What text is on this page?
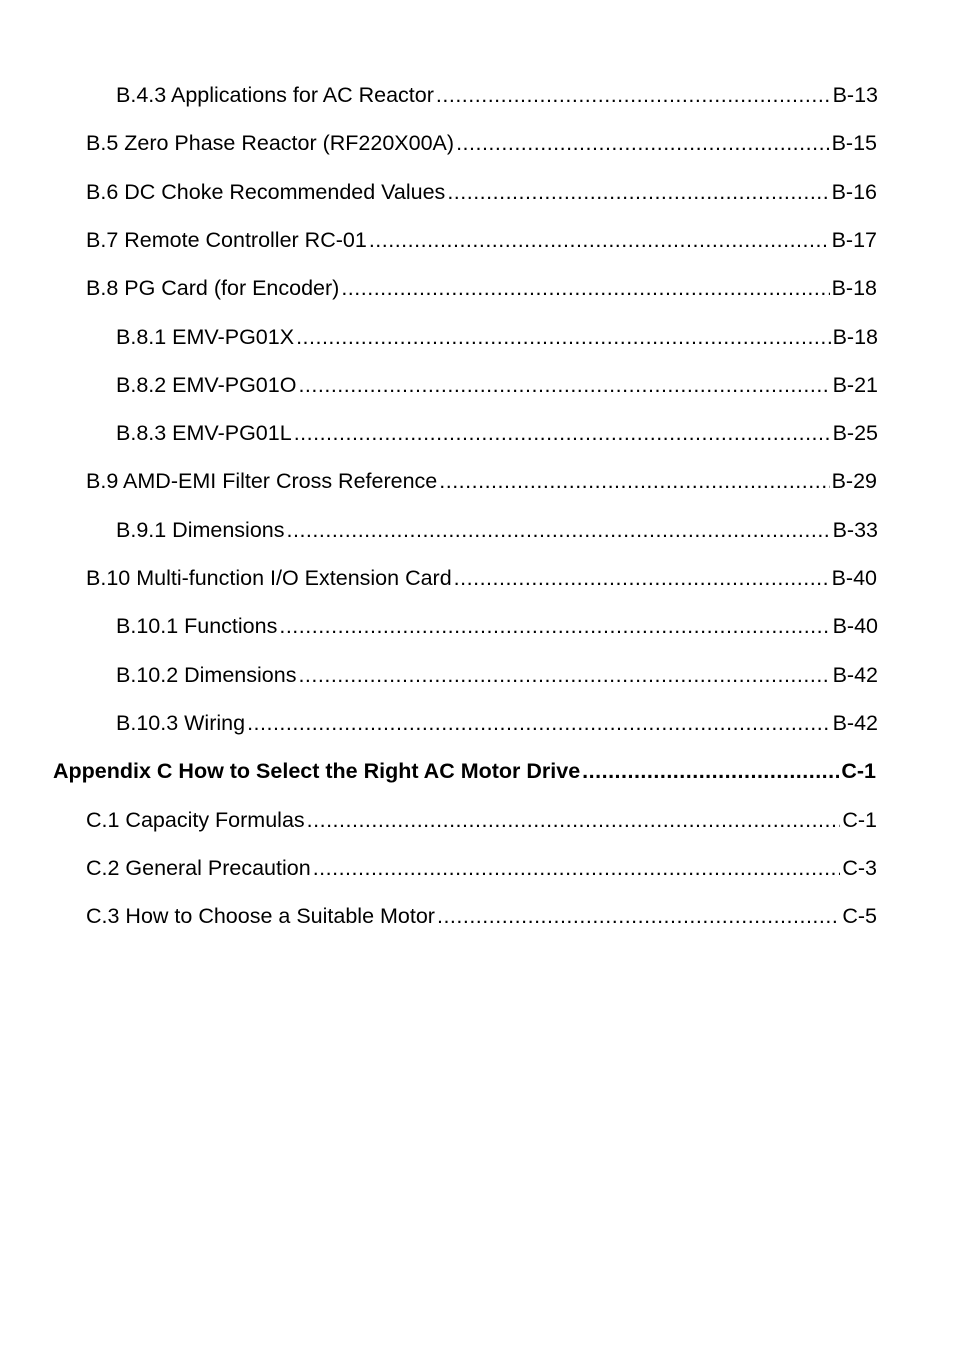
B.4.3 Applications for AC Reactor .....	B-13
B.5 Zero Phase Reactor (RF220X00A) .....	B-15
B.6 DC Choke Recommended Values .....	B-16
B.7 Remote Controller RC-01 .....	B-17
B.8 PG Card (for Encoder) .....	B-18
B.8.1 EMV-PG01X .....	B-18
B.8.2 EMV-PG01O .....	B-21
B.8.3 EMV-PG01L .....	B-25
B.9 AMD-EMI Filter Cross Reference .....	B-29
B.9.1 Dimensions .....	B-33
B.10 Multi-function I/O Extension Card .....	B-40
B.10.1 Functions .....	B-40
B.10.2 Dimensions .....	B-42
B.10.3 Wiring .....	B-42
Appendix C How to Select the Right AC Motor Drive .....	C-1
C.1 Capacity Formulas .....	C-1
C.2 General Precaution .....	C-3
C.3 How to Choose a Suitable Motor .....	C-5
